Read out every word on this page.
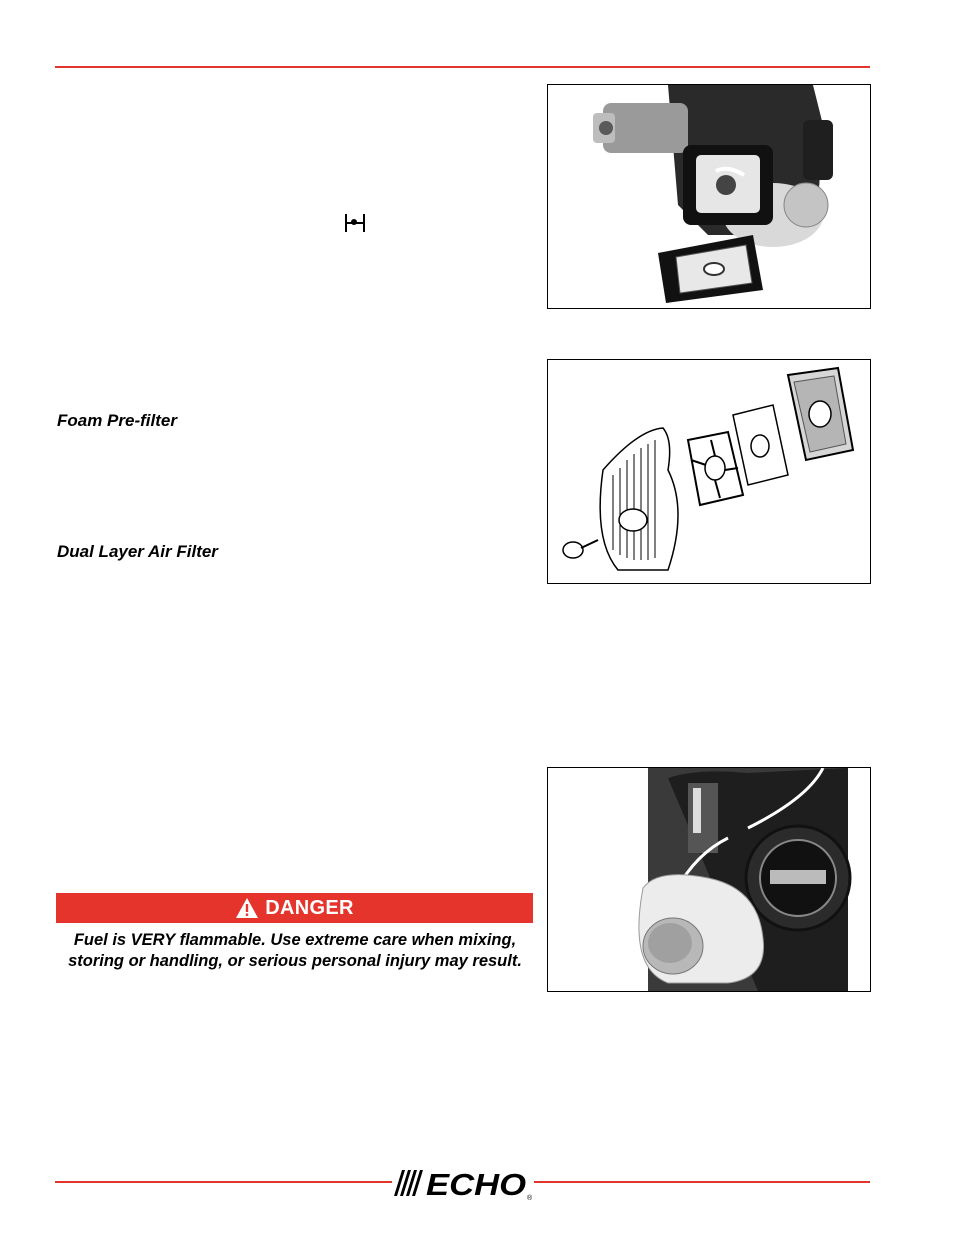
Foam Pre-filter
Dual Layer Air Filter
DANGER
Fuel is VERY flammable. Use extreme care when mixing,
storing or handling, or serious personal injury may result.
ECHO ®
